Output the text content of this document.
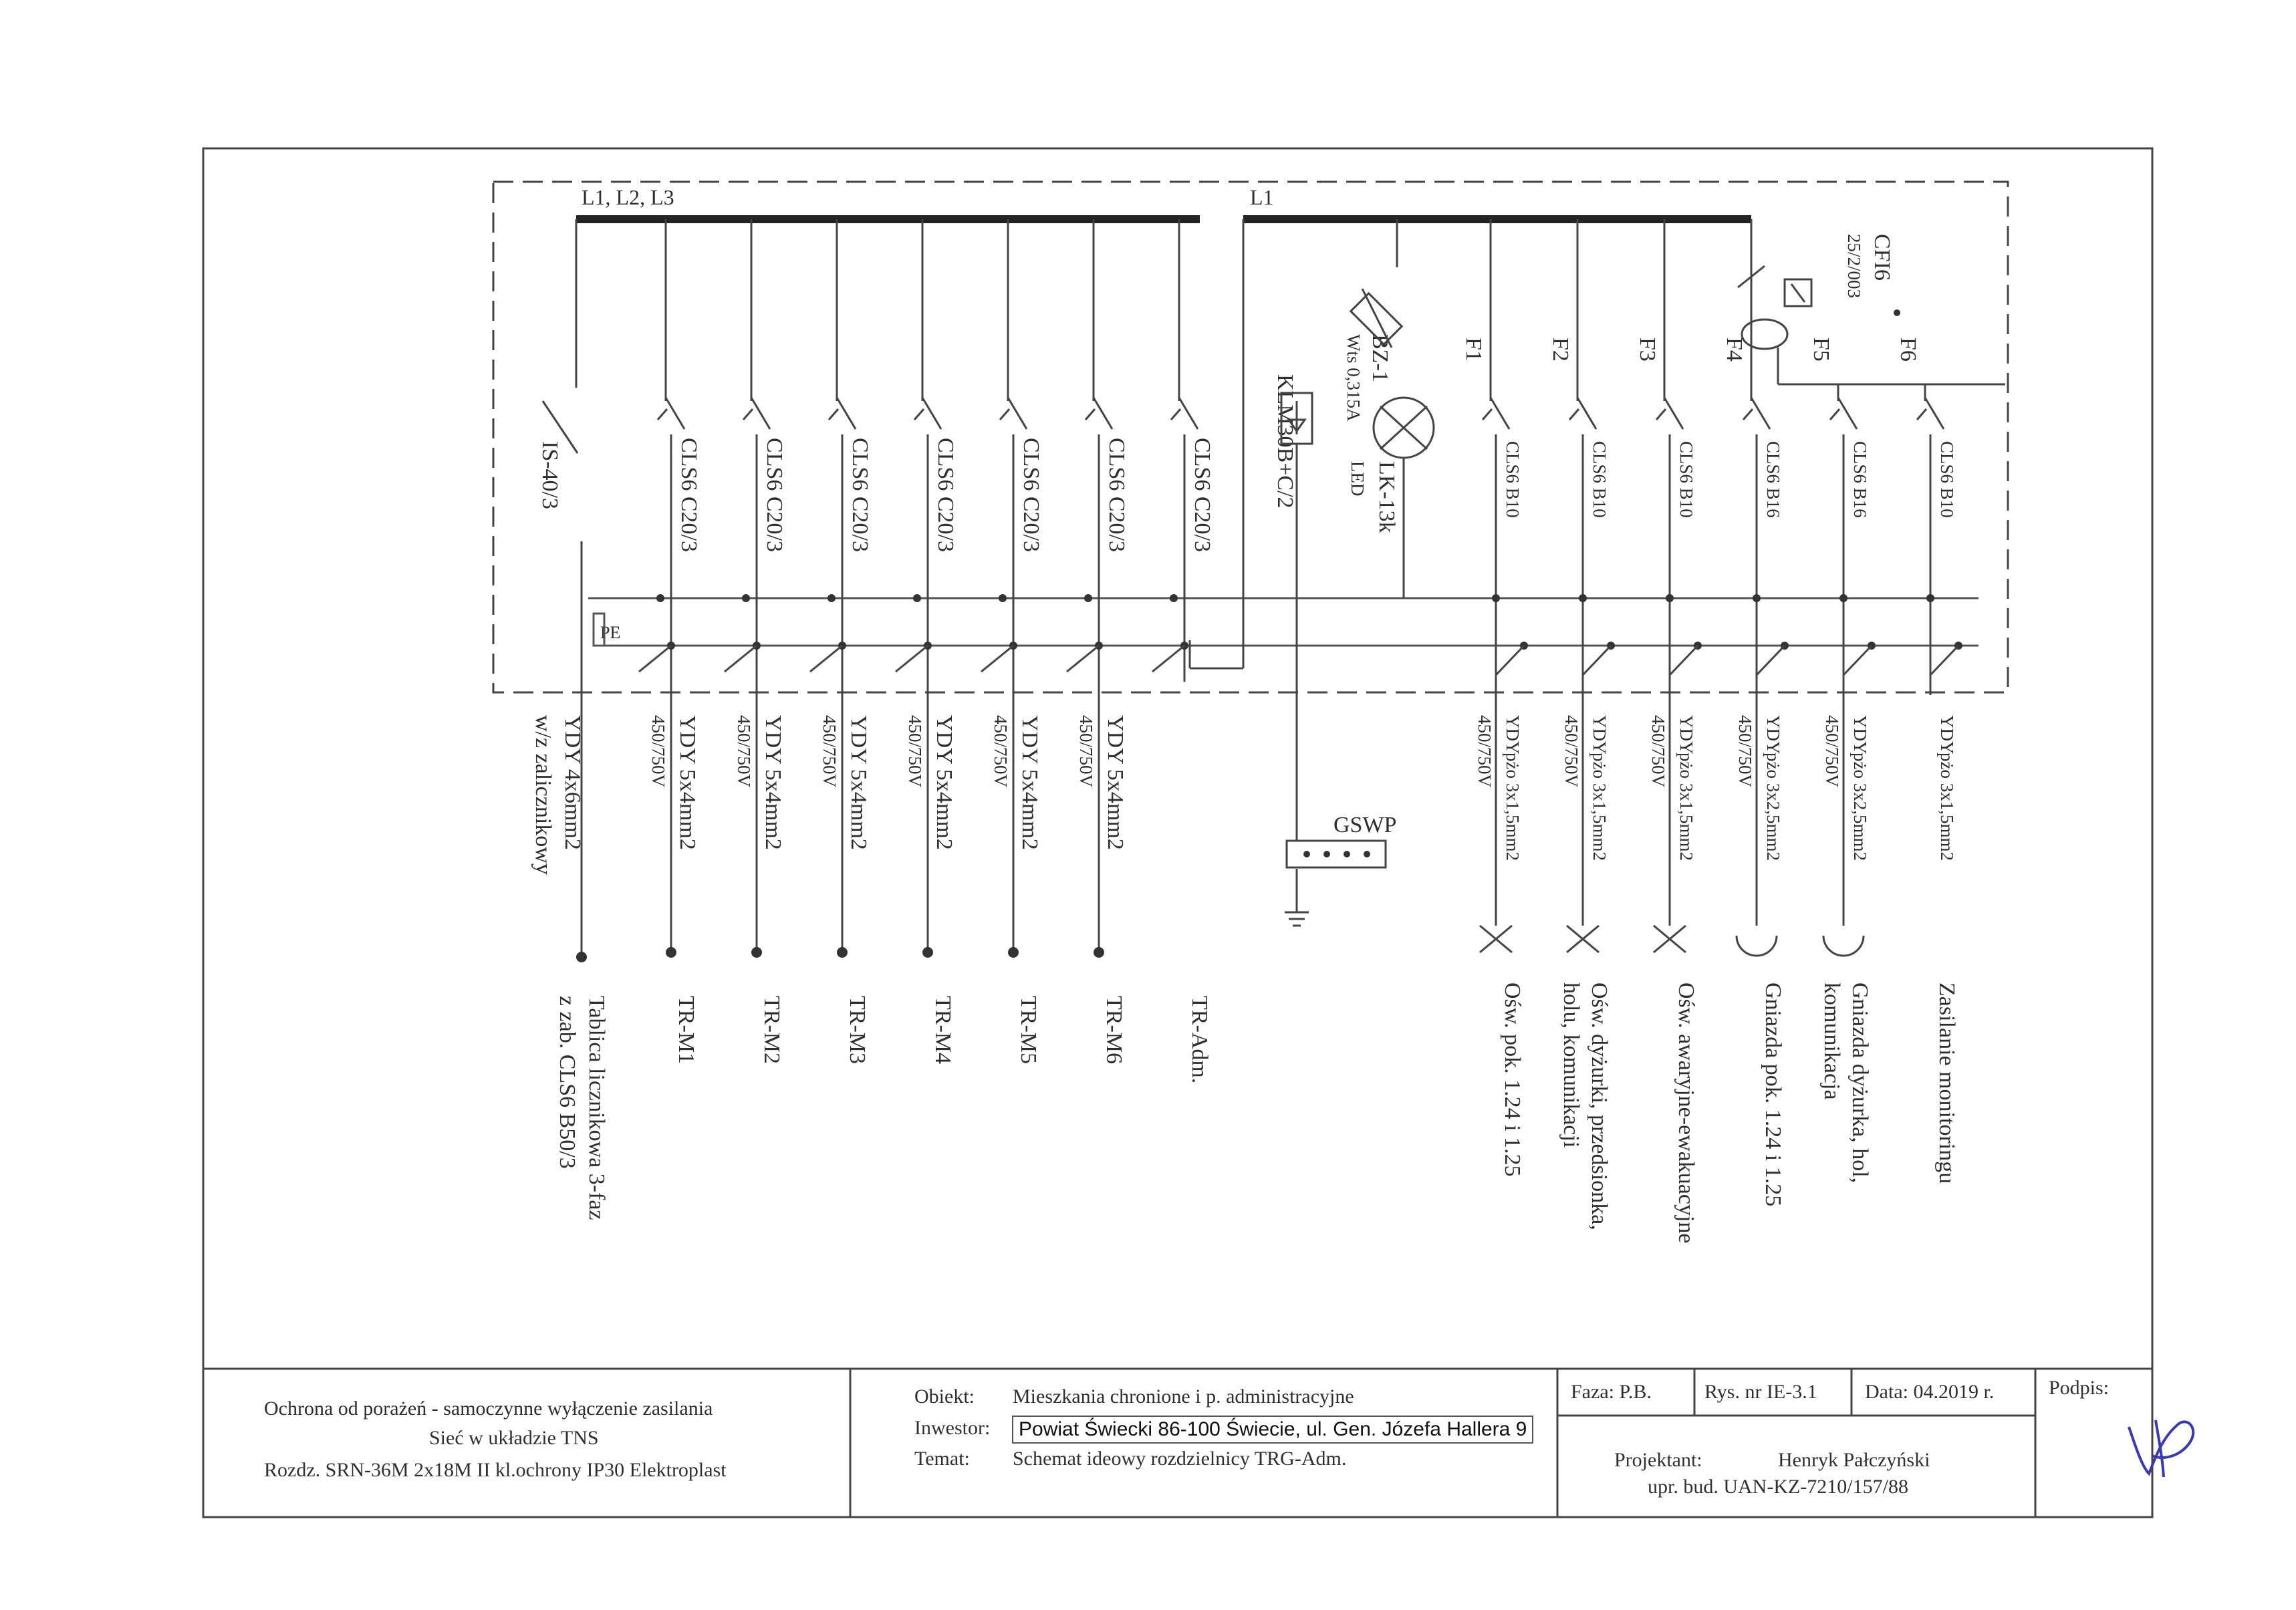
L1, L2, L3	L1
PE
IS-40/3
YDY 4x6mm2
w/z zalicznikowy
Tablica licznikowa 3-faz
z zab. CLS6 B50/3
CLS6 C20/3
YDY 5x4mm2
450/750V
TR-M1
CLS6 C20/3
YDY 5x4mm2
450/750V
TR-M2
CLS6 C20/3
YDY 5x4mm2
450/750V
TR-M3
CLS6 C20/3
YDY 5x4mm2
450/750V
TR-M4
CLS6 C20/3
YDY 5x4mm2
450/750V
TR-M5
CLS6 C20/3
YDY 5x4mm2
450/750V
TR-M6
CLS6 C20/3
TR-Adm.
KLM30B+C/2
BZ-1
Wts 0,315A
LK-13k
LED
CFI6
25/2/003
F1
CLS6 B10
YDYpżo 3x1,5mm2
450/750V
Ośw. pok. 1.24 i 1.25
F2
CLS6 B10
YDYpżo 3x1,5mm2
450/750V
Ośw. dyżurki, przedsionka,
holu, komunikacji
F3
CLS6 B10
YDYpżo 3x1,5mm2
450/750V
Ośw. awaryjne-ewakuacyjne
F4
CLS6 B16
YDYpżo 3x2,5mm2
450/750V
Gniazda pok. 1.24 i 1.25
F5
CLS6 B16
YDYpżo 3x2,5mm2
450/750V
Gniazda dyżurka, hol,
komunikacja
F6
CLS6 B10
YDYpżo 3x1,5mm2
Zasilanie monitoringu
GSWP
Ochrona od porażeń - samoczynne wyłączenie zasilania
Sieć w układzie TNS
Rozdz. SRN-36M 2x18M II kl.ochrony IP30 Elektroplast
Obiekt: Mieszkania chronione i p. administracyjne
Inwestor:	Powiat Świecki 86-100 Świecie, ul. Gen. Józefa Hallera 9
Temat: Schemat ideowy rozdzielnicy TRG-Adm.
Faza: P.B.	Rys. nr IE-3.1 Data: 04.2019 r.	Podpis:
Projektant:	Henryk Pałczyński
upr. bud. UAN-KZ-7210/157/88
